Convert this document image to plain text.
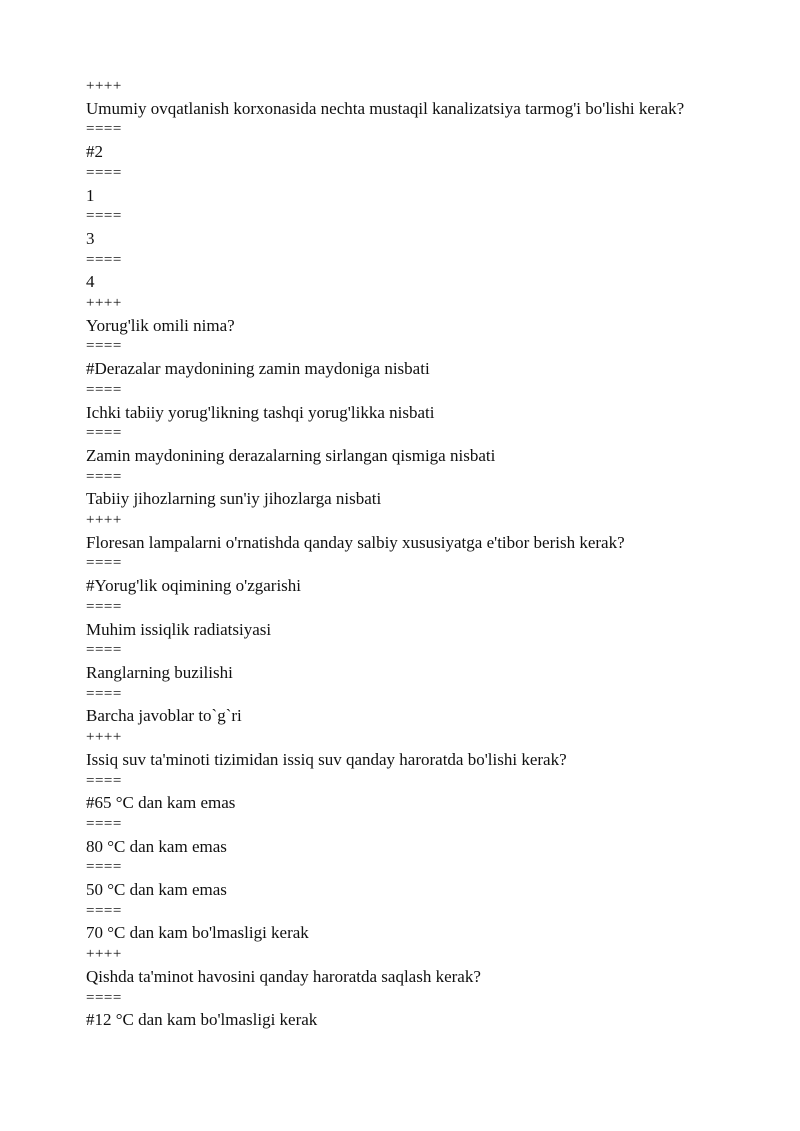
++++
Umumiy ovqatlanish korxonasida nechta mustaqil kanalizatsiya tarmog'i bo'lishi kerak?
====
#2
====
1
====
3
====
4
++++
Yorug'lik omili nima?
====
#Derazalar maydonining zamin maydoniga nisbati
====
Ichki tabiiy yorug'likning tashqi yorug'likka nisbati
====
Zamin maydonining derazalarning sirlangan qismiga nisbati
====
Tabiiy jihozlarning sun'iy jihozlarga nisbati
++++
Floresan lampalarni o'rnatishda qanday salbiy xususiyatga e'tibor berish kerak?
====
#Yorug'lik oqimining o'zgarishi
====
Muhim issiqlik radiatsiyasi
====
Ranglarning buzilishi
====
Barcha javoblar to`g`ri
++++
Issiq suv ta'minoti tizimidan issiq suv qanday haroratda bo'lishi kerak?
====
#65 °C dan kam emas
====
80 °C dan kam emas
====
50 °C dan kam emas
====
70 °C dan kam bo'lmasligi kerak
++++
Qishda ta'minot havosini qanday haroratda saqlash kerak?
====
#12 °C dan kam bo'lmasligi kerak
